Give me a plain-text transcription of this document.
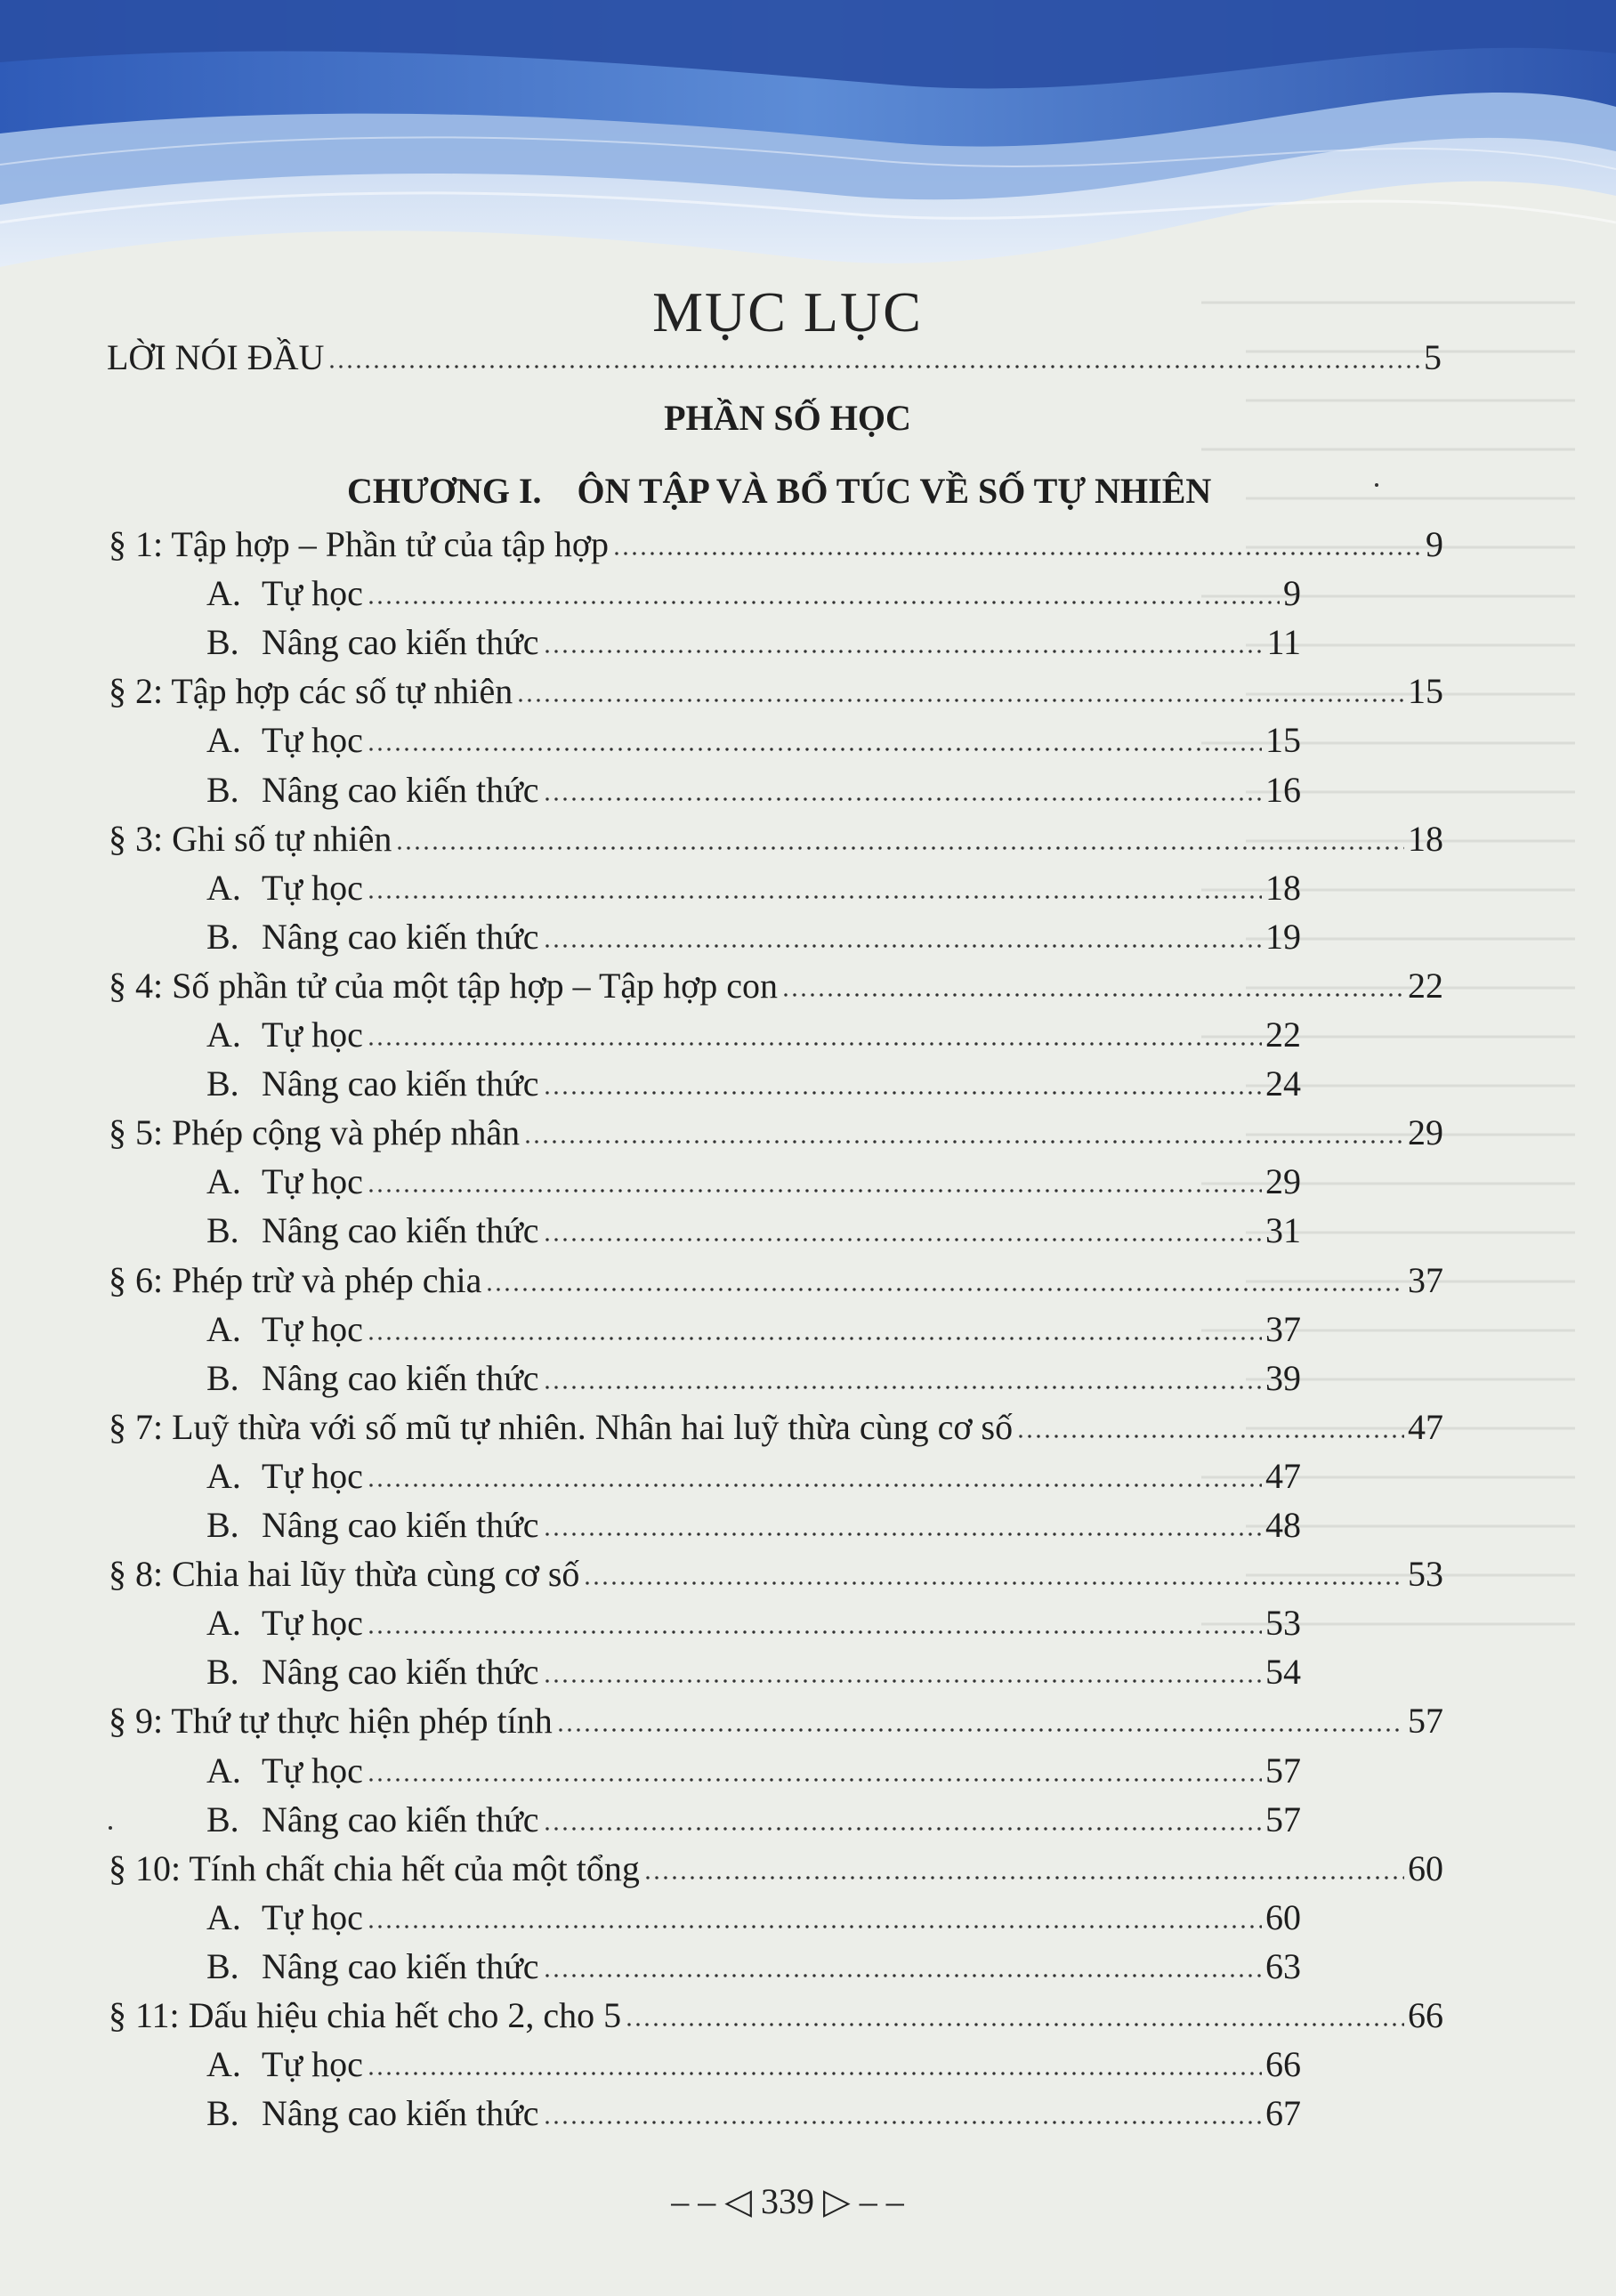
MỤC LỤC
LỜI NÓI ĐẦU	5
PHẦN SỐ HỌC
CHƯƠNG I. ÔN TẬP VÀ BỔ TÚC VỀ SỐ TỰ NHIÊN
§ 1: Tập hợp – Phần tử của tập hợp	9
A. Tự học	9
B. Nâng cao kiến thức	11
§ 2: Tập hợp các số tự nhiên	15
A. Tự học	15
B. Nâng cao kiến thức	16
§ 3: Ghi số tự nhiên	18
A. Tự học	18
B. Nâng cao kiến thức	19
§ 4: Số phần tử của một tập hợp – Tập hợp con	22
A. Tự học	22
B. Nâng cao kiến thức	24
§ 5: Phép cộng và phép nhân	29
A. Tự học	29
B. Nâng cao kiến thức	31
§ 6: Phép trừ và phép chia	37
A. Tự học	37
B. Nâng cao kiến thức	39
§ 7: Luỹ thừa với số mũ tự nhiên. Nhân hai luỹ thừa cùng cơ số	47
A. Tự học	47
B. Nâng cao kiến thức	48
§ 8: Chia hai lũy thừa cùng cơ số	53
A. Tự học	53
B. Nâng cao kiến thức	54
§ 9: Thứ tự thực hiện phép tính	57
A. Tự học	57
B. Nâng cao kiến thức	57
§ 10: Tính chất chia hết của một tổng	60
A. Tự học	60
B. Nâng cao kiến thức	63
§ 11: Dấu hiệu chia hết cho 2, cho 5	66
A. Tự học	66
B. Nâng cao kiến thức	67
– – ◁ 339 ▷ – –
